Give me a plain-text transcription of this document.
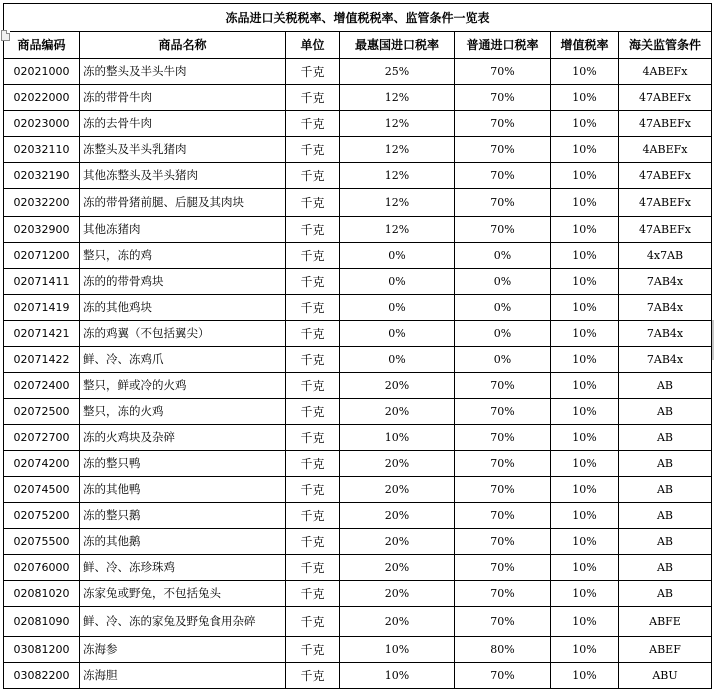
冻品进口关税税率、增值税税率、监管条件一览表						
商品编码	商品名称	单位	最惠国进口税率	普通进口税率	增值税率	海关监管条件
02021000	冻的整头及半头牛肉	千克	25%	70%	10%	4ABEFx
02022000	冻的带骨牛肉	千克	12%	70%	10%	47ABEFx
02023000	冻的去骨牛肉	千克	12%	70%	10%	47ABEFx
02032110	冻整头及半头乳猪肉	千克	12%	70%	10%	4ABEFx
02032190	其他冻整头及半头猪肉	千克	12%	70%	10%	47ABEFx
02032200	冻的带骨猪前腿、后腿及其肉块	千克	12%	70%	10%	47ABEFx
02032900	其他冻猪肉	千克	12%	70%	10%	47ABEFx
02071200	整只，冻的鸡	千克	0%	0%	10%	4x7AB
02071411	冻的的带骨鸡块	千克	0%	0%	10%	7AB4x
02071419	冻的其他鸡块	千克	0%	0%	10%	7AB4x
02071421	冻的鸡翼（不包括翼尖）	千克	0%	0%	10%	7AB4x
02071422	鲜、冷、冻鸡爪	千克	0%	0%	10%	7AB4x
02072400	整只，鲜或冷的火鸡	千克	20%	70%	10%	AB
02072500	整只，冻的火鸡	千克	20%	70%	10%	AB
02072700	冻的火鸡块及杂碎	千克	10%	70%	10%	AB
02074200	冻的整只鸭	千克	20%	70%	10%	AB
02074500	冻的其他鸭	千克	20%	70%	10%	AB
02075200	冻的整只鹅	千克	20%	70%	10%	AB
02075500	冻的其他鹅	千克	20%	70%	10%	AB
02076000	鲜、冷、冻珍珠鸡	千克	20%	70%	10%	AB
02081020	冻家兔或野兔，不包括兔头	千克	20%	70%	10%	AB
02081090	鲜、冷、冻的家兔及野兔食用杂碎	千克	20%	70%	10%	ABFE
03081200	冻海参	千克	10%	80%	10%	ABEF
03082200	冻海胆	千克	10%	70%	10%	ABU
